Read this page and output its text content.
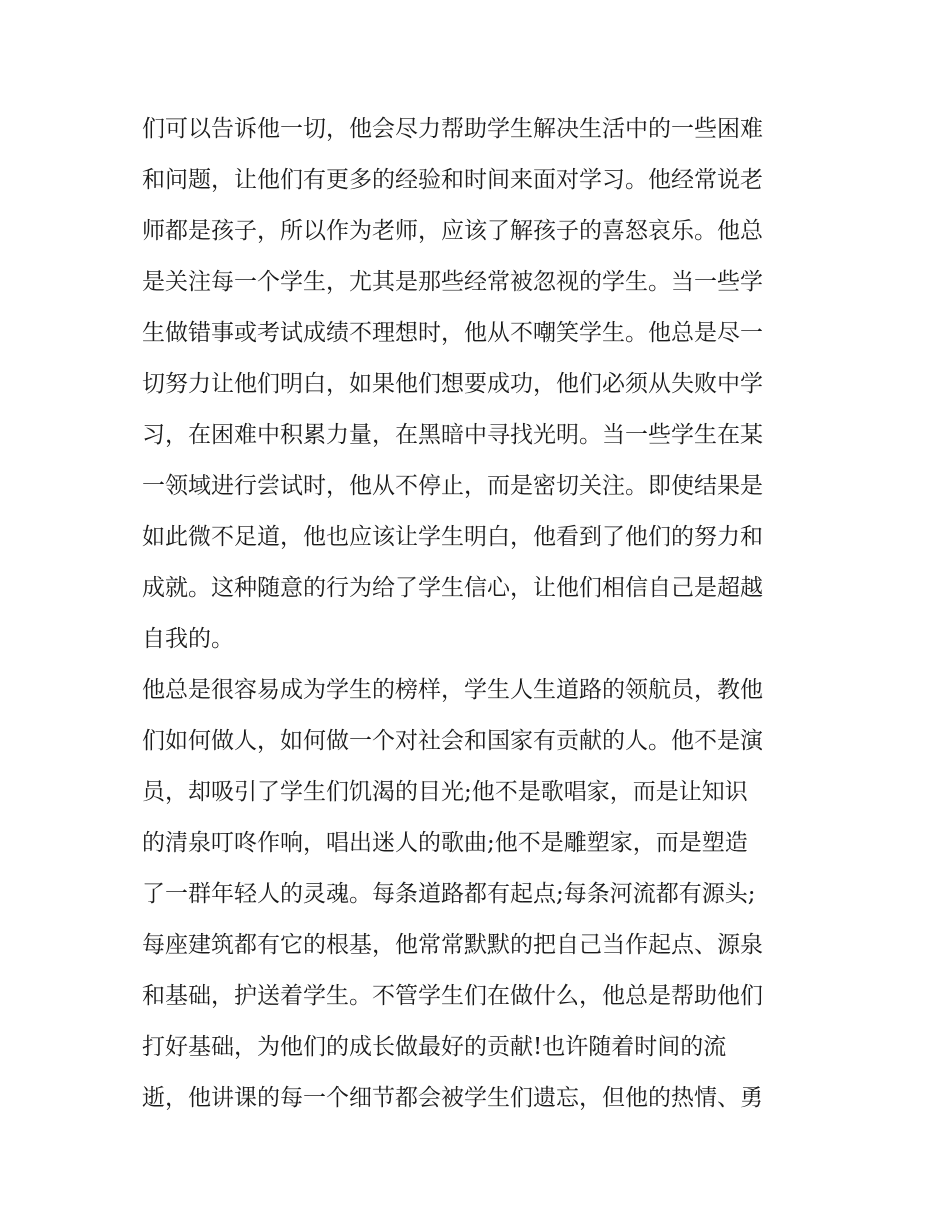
们可以告诉他一切，他会尽力帮助学生解决生活中的一些困难
和问题，让他们有更多的经验和时间来面对学习。他经常说老
师都是孩子，所以作为老师，应该了解孩子的喜怒哀乐。他总
是关注每一个学生，尤其是那些经常被忽视的学生。当一些学
生做错事或考试成绩不理想时，他从不嘲笑学生。他总是尽一
切努力让他们明白，如果他们想要成功，他们必须从失败中学
习，在困难中积累力量，在黑暗中寻找光明。当一些学生在某
一领域进行尝试时，他从不停止，而是密切关注。即使结果是
如此微不足道，他也应该让学生明白，他看到了他们的努力和
成就。这种随意的行为给了学生信心，让他们相信自己是超越
自我的。
他总是很容易成为学生的榜样，学生人生道路的领航员，教他
们如何做人，如何做一个对社会和国家有贡献的人。他不是演
员，却吸引了学生们饥渴的目光;他不是歌唱家，而是让知识
的清泉叮咚作响，唱出迷人的歌曲;他不是雕塑家，而是塑造
了一群年轻人的灵魂。每条道路都有起点;每条河流都有源头;
每座建筑都有它的根基，他常常默默的把自己当作起点、源泉
和基础，护送着学生。不管学生们在做什么，他总是帮助他们
打好基础，为他们的成长做最好的贡献!也许随着时间的流
逝，他讲课的每一个细节都会被学生们遗忘，但他的热情、勇
